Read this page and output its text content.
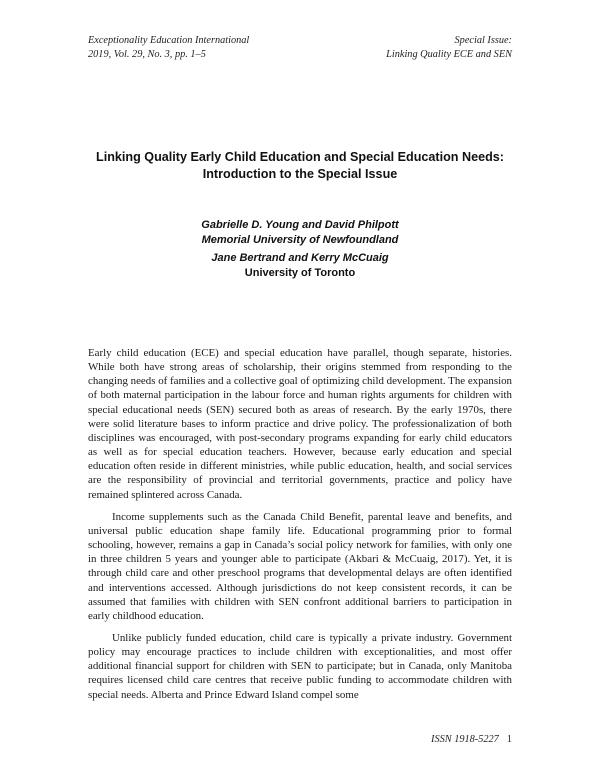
Exceptionality Education International
2019, Vol. 29, No. 3, pp. 1–5
Special Issue:
Linking Quality ECE and SEN
Linking Quality Early Child Education and Special Education Needs:
Introduction to the Special Issue
Gabrielle D. Young and David Philpott
Memorial University of Newfoundland
Jane Bertrand and Kerry McCuaig
University of Toronto

Early child education (ECE) and special education have parallel, though separate, histories. While both have strong areas of scholarship, their origins stemmed from responding to the changing needs of families and a collective goal of optimizing child development. The expansion of both maternal participation in the labour force and human rights arguments for children with special educational needs (SEN) secured both as areas of research. By the early 1970s, there were solid literature bases to inform practice and drive policy. The professionalization of both disciplines was encouraged, with post-secondary programs expanding for early child educators as well as for special education teachers. However, because early education and special education often reside in different ministries, while public education, health, and social services are the responsibility of provincial and territorial governments, practice and policy have remained splintered across Canada.

Income supplements such as the Canada Child Benefit, parental leave and benefits, and universal public education shape family life. Educational programming prior to formal schooling, however, remains a gap in Canada’s social policy network for families, with only one in three children 5 years and younger able to participate (Akbari & McCuaig, 2017). Yet, it is through child care and other preschool programs that developmental delays are often identified and interventions accessed. Although jurisdictions do not keep consistent records, it can be assumed that families with children with SEN confront additional barriers to participation in early childhood education.

Unlike publicly funded education, child care is typically a private industry. Government policy may encourage practices to include children with exceptionalities, and most offer additional financial support for children with SEN to participate; but in Canada, only Manitoba requires licensed child care centres that receive public funding to accommodate children with special needs. Alberta and Prince Edward Island compel some

ISSN 1918-5227 1
